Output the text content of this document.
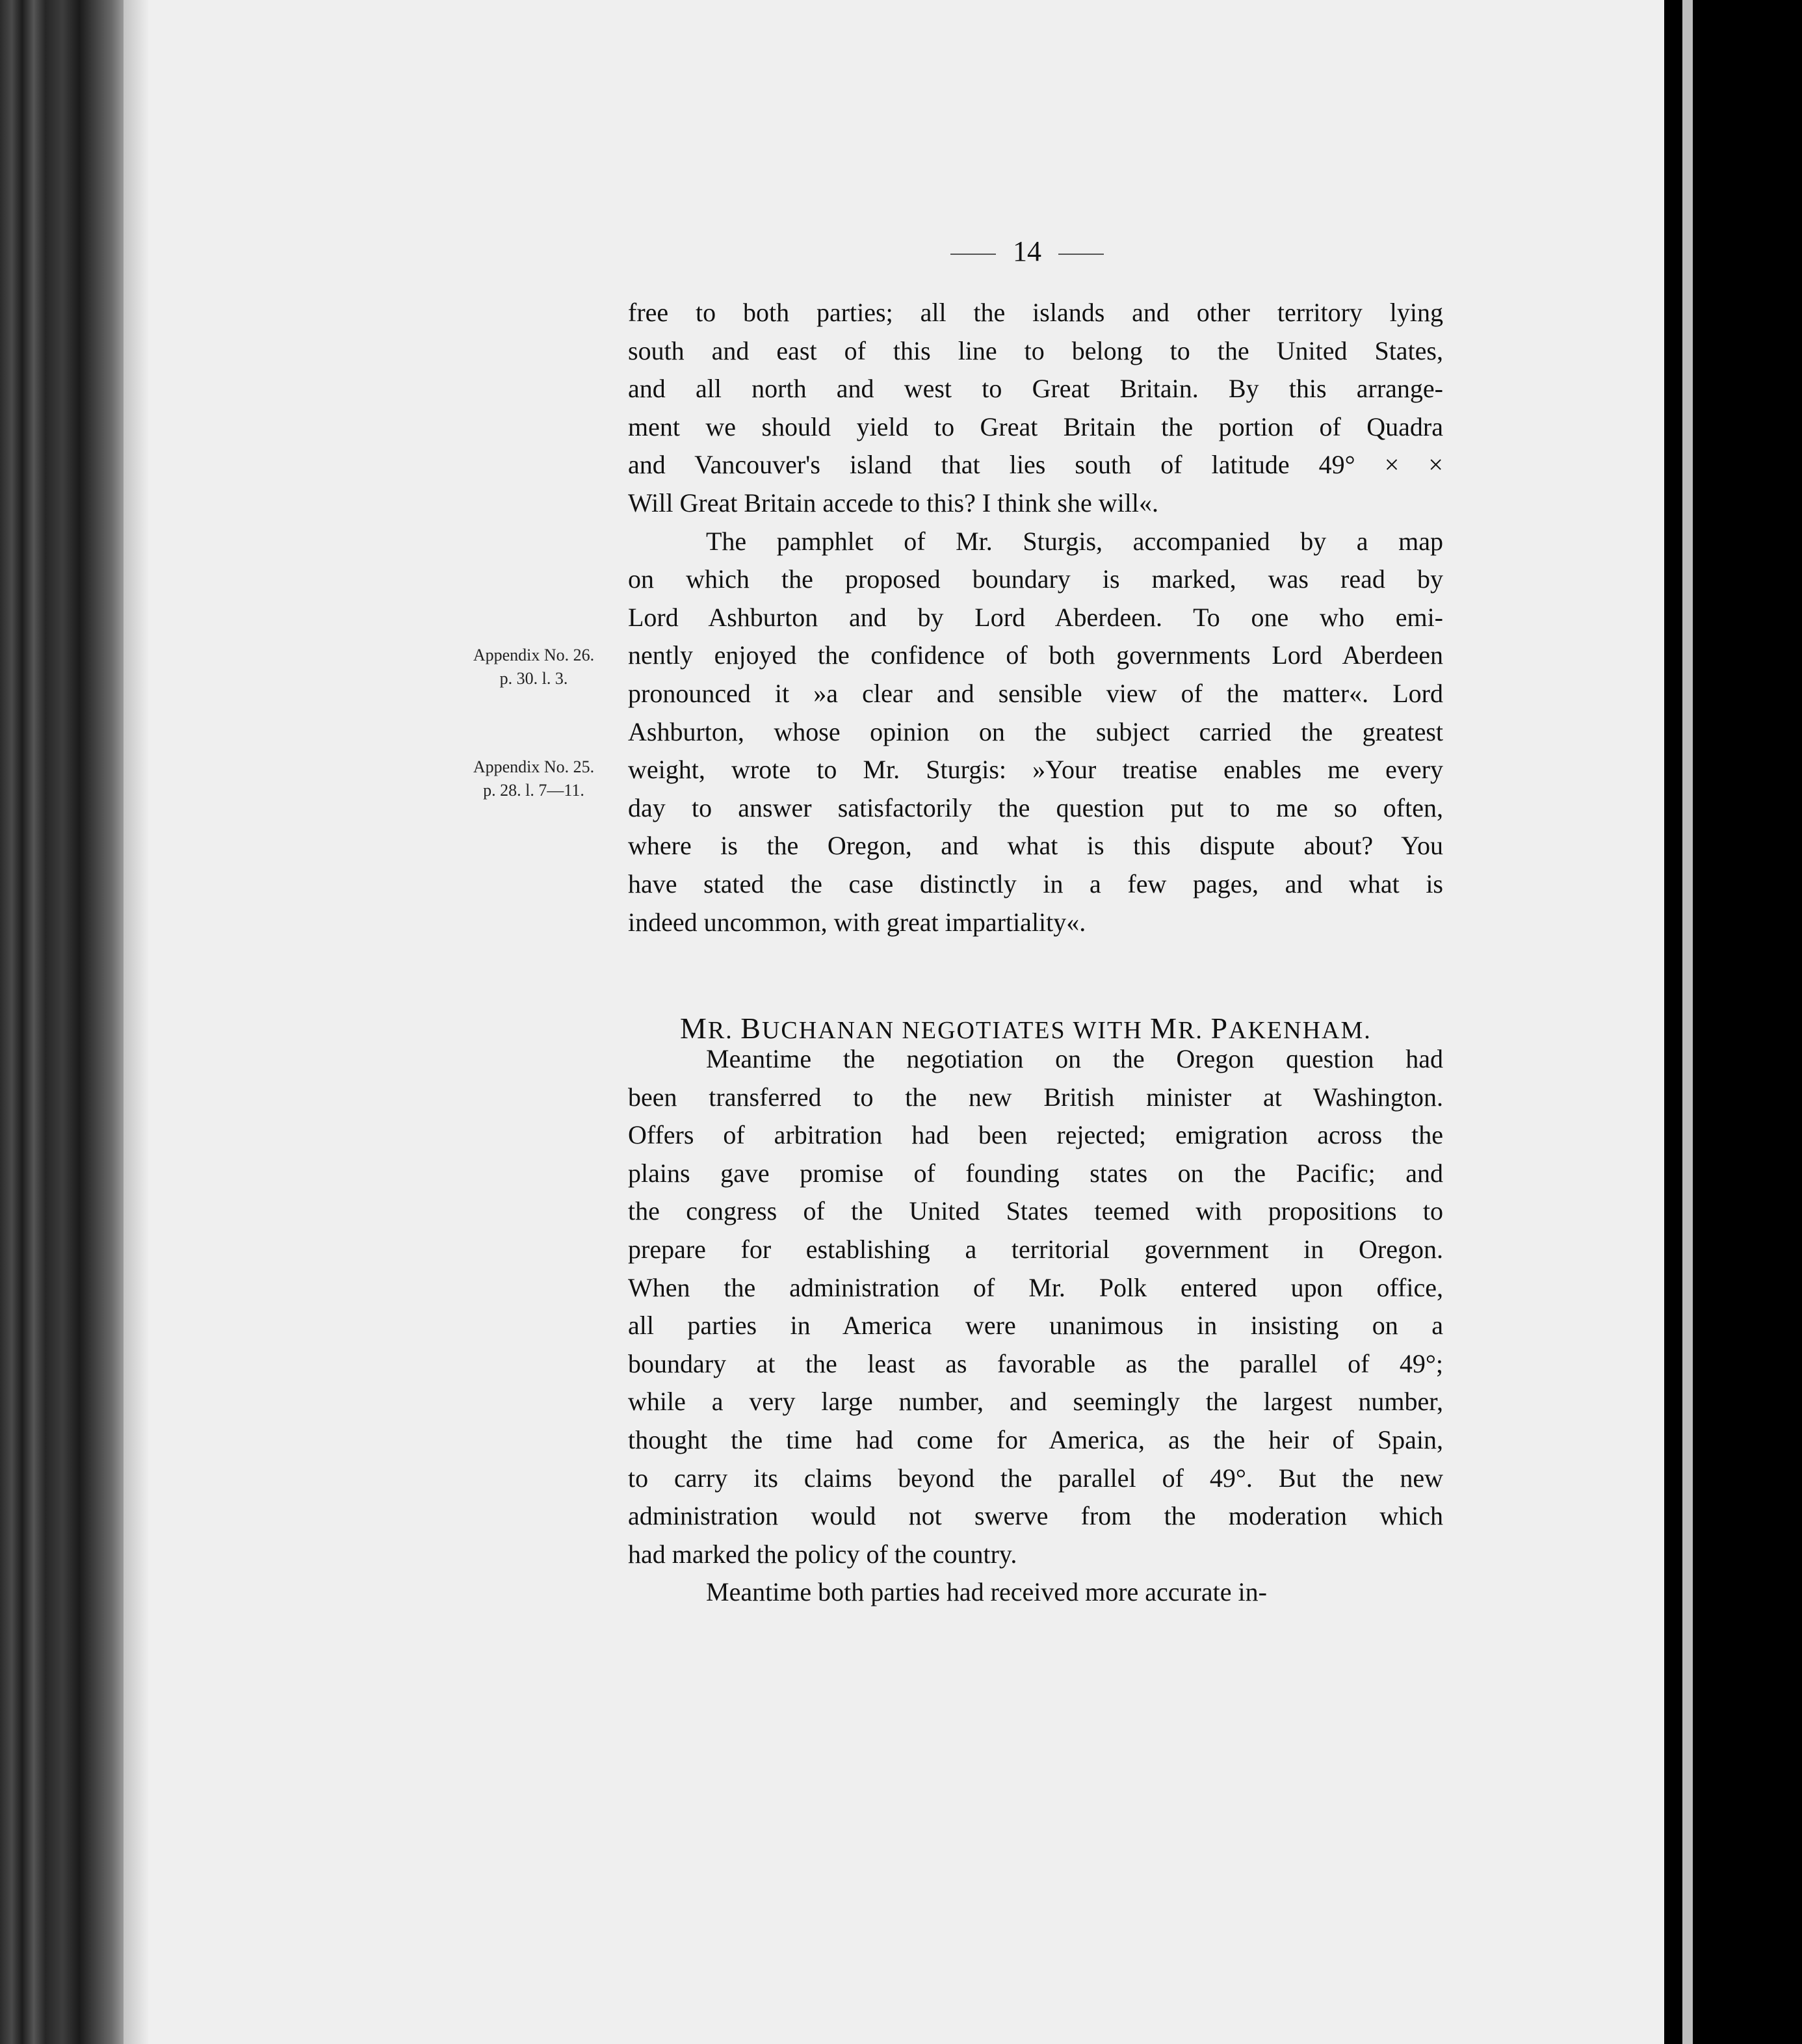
14
Appendix No. 26.
p. 30. l. 3.
Appendix No. 25.
p. 28. l. 7—11.
free to both parties; all the islands and other territory lying
south and east of this line to belong to the United States,
and all north and west to Great Britain. By this arrange-
ment we should yield to Great Britain the portion of Quadra
and Vancouver's island that lies south of latitude 49° × ×
Will Great Britain accede to this? I think she will«.
The pamphlet of Mr. Sturgis, accompanied by a map
on which the proposed boundary is marked, was read by
Lord Ashburton and by Lord Aberdeen. To one who emi-
nently enjoyed the confidence of both governments Lord Aberdeen
pronounced it »a clear and sensible view of the matter«. Lord
Ashburton, whose opinion on the subject carried the greatest
weight, wrote to Mr. Sturgis: »Your treatise enables me every
day to answer satisfactorily the question put to me so often,
where is the Oregon, and what is this dispute about? You
have stated the case distinctly in a few pages, and what is
indeed uncommon, with great impartiality«.
MR. BUCHANAN NEGOTIATES WITH MR. PAKENHAM.
Meantime the negotiation on the Oregon question had
been transferred to the new British minister at Washington.
Offers of arbitration had been rejected; emigration across the
plains gave promise of founding states on the Pacific; and
the congress of the United States teemed with propositions to
prepare for establishing a territorial government in Oregon.
When the administration of Mr. Polk entered upon office,
all parties in America were unanimous in insisting on a
boundary at the least as favorable as the parallel of 49°;
while a very large number, and seemingly the largest number,
thought the time had come for America, as the heir of Spain,
to carry its claims beyond the parallel of 49°. But the new
administration would not swerve from the moderation which
had marked the policy of the country.
Meantime both parties had received more accurate in-
